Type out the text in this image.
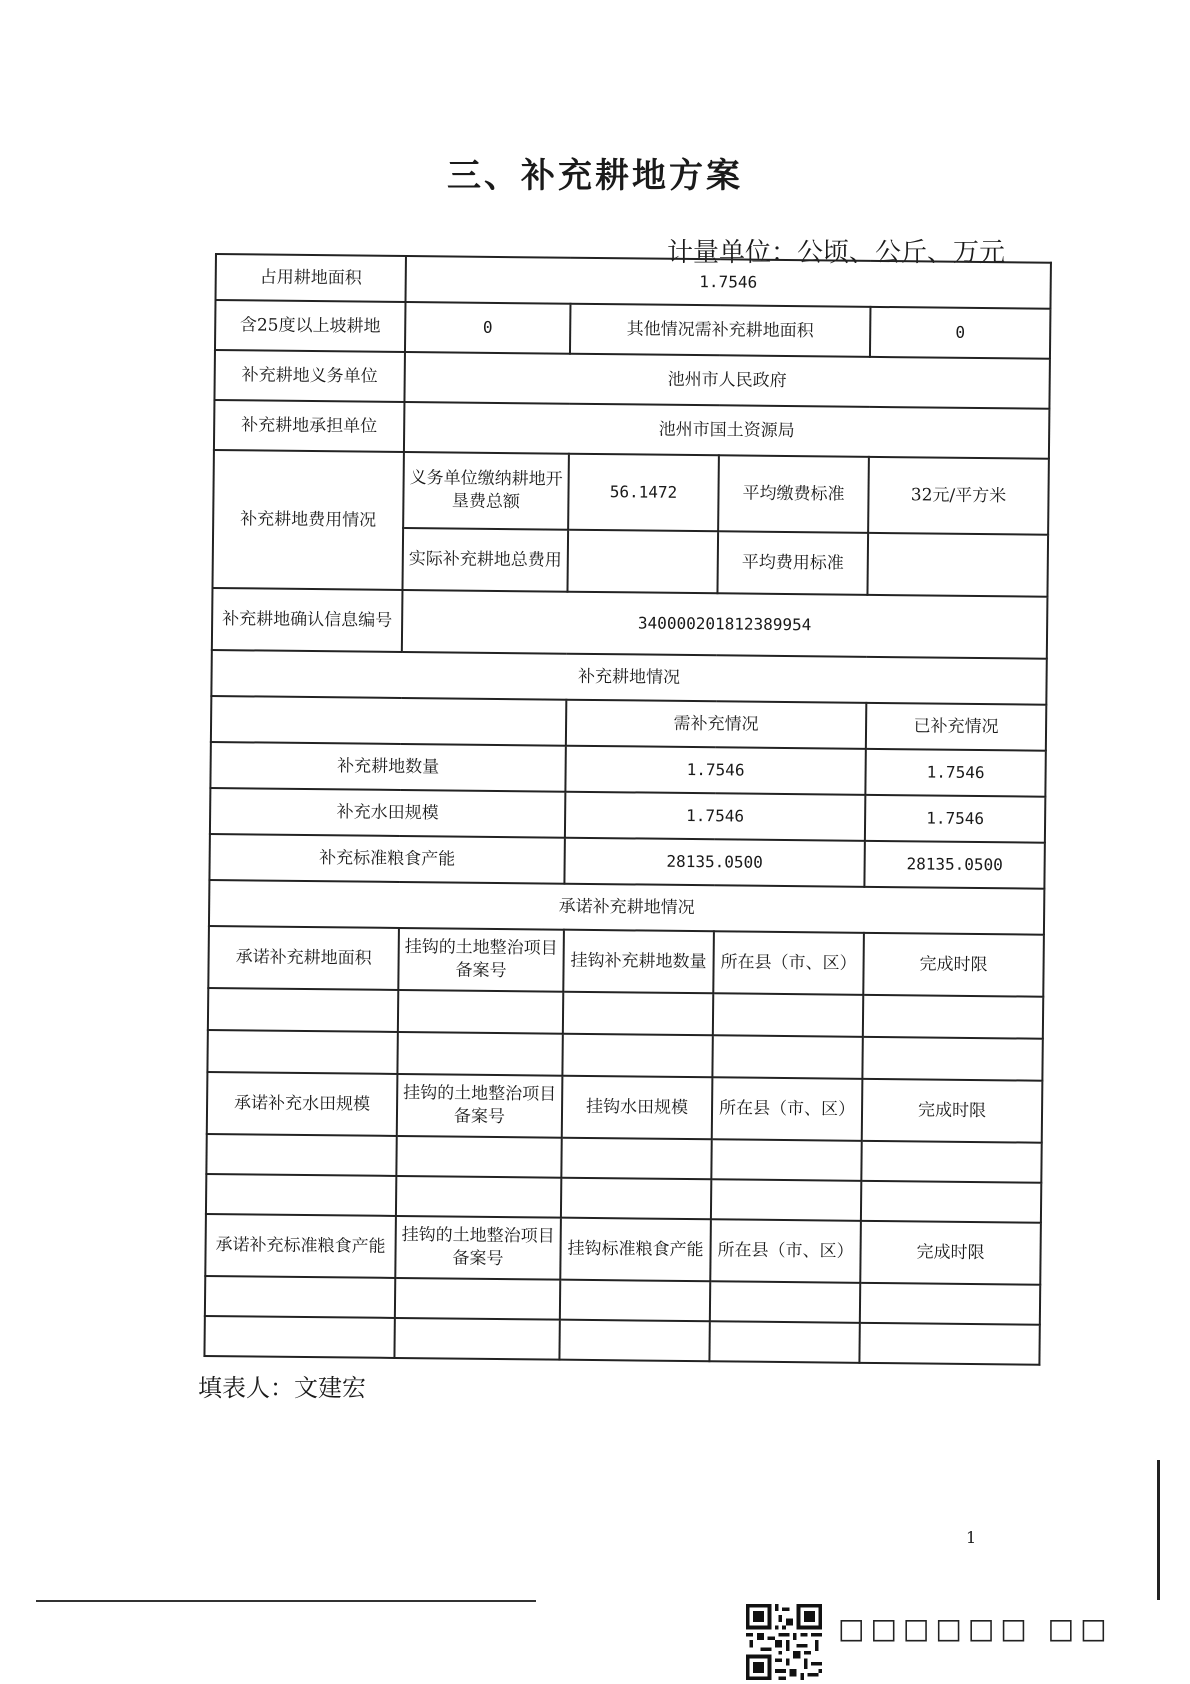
三、补充耕地方案
计量单位：公顷、公斤、万元
占用耕地面积	1.7546			
含25度以上坡耕地	0	其他情况需补充耕地面积		0
补充耕地义务单位	池州市人民政府			
补充耕地承担单位	池州市国土资源局			
补充耕地费用情况	义务单位缴纳耕地开垦费总额	56.1472	平均缴费标准	32元/平方米
	实际补充耕地总费用		平均费用标准	
补充耕地确认信息编号	340000201812389954			
补充耕地情况				
		需补充情况		已补充情况
补充耕地数量		1.7546		1.7546
补充水田规模		1.7546		1.7546
补充标准粮食产能		28135.0500		28135.0500
承诺补充耕地情况				
承诺补充耕地面积	挂钩的土地整治项目备案号	挂钩补充耕地数量	所在县（市、区）	完成时限

承诺补充水田规模	挂钩的土地整治项目备案号	挂钩水田规模	所在县（市、区）	完成时限

承诺补充标准粮食产能	挂钩的土地整治项目备案号	挂钩标准粮食产能	所在县（市、区）	完成时限

填表人：文建宏
1
□□□□□□ □□
